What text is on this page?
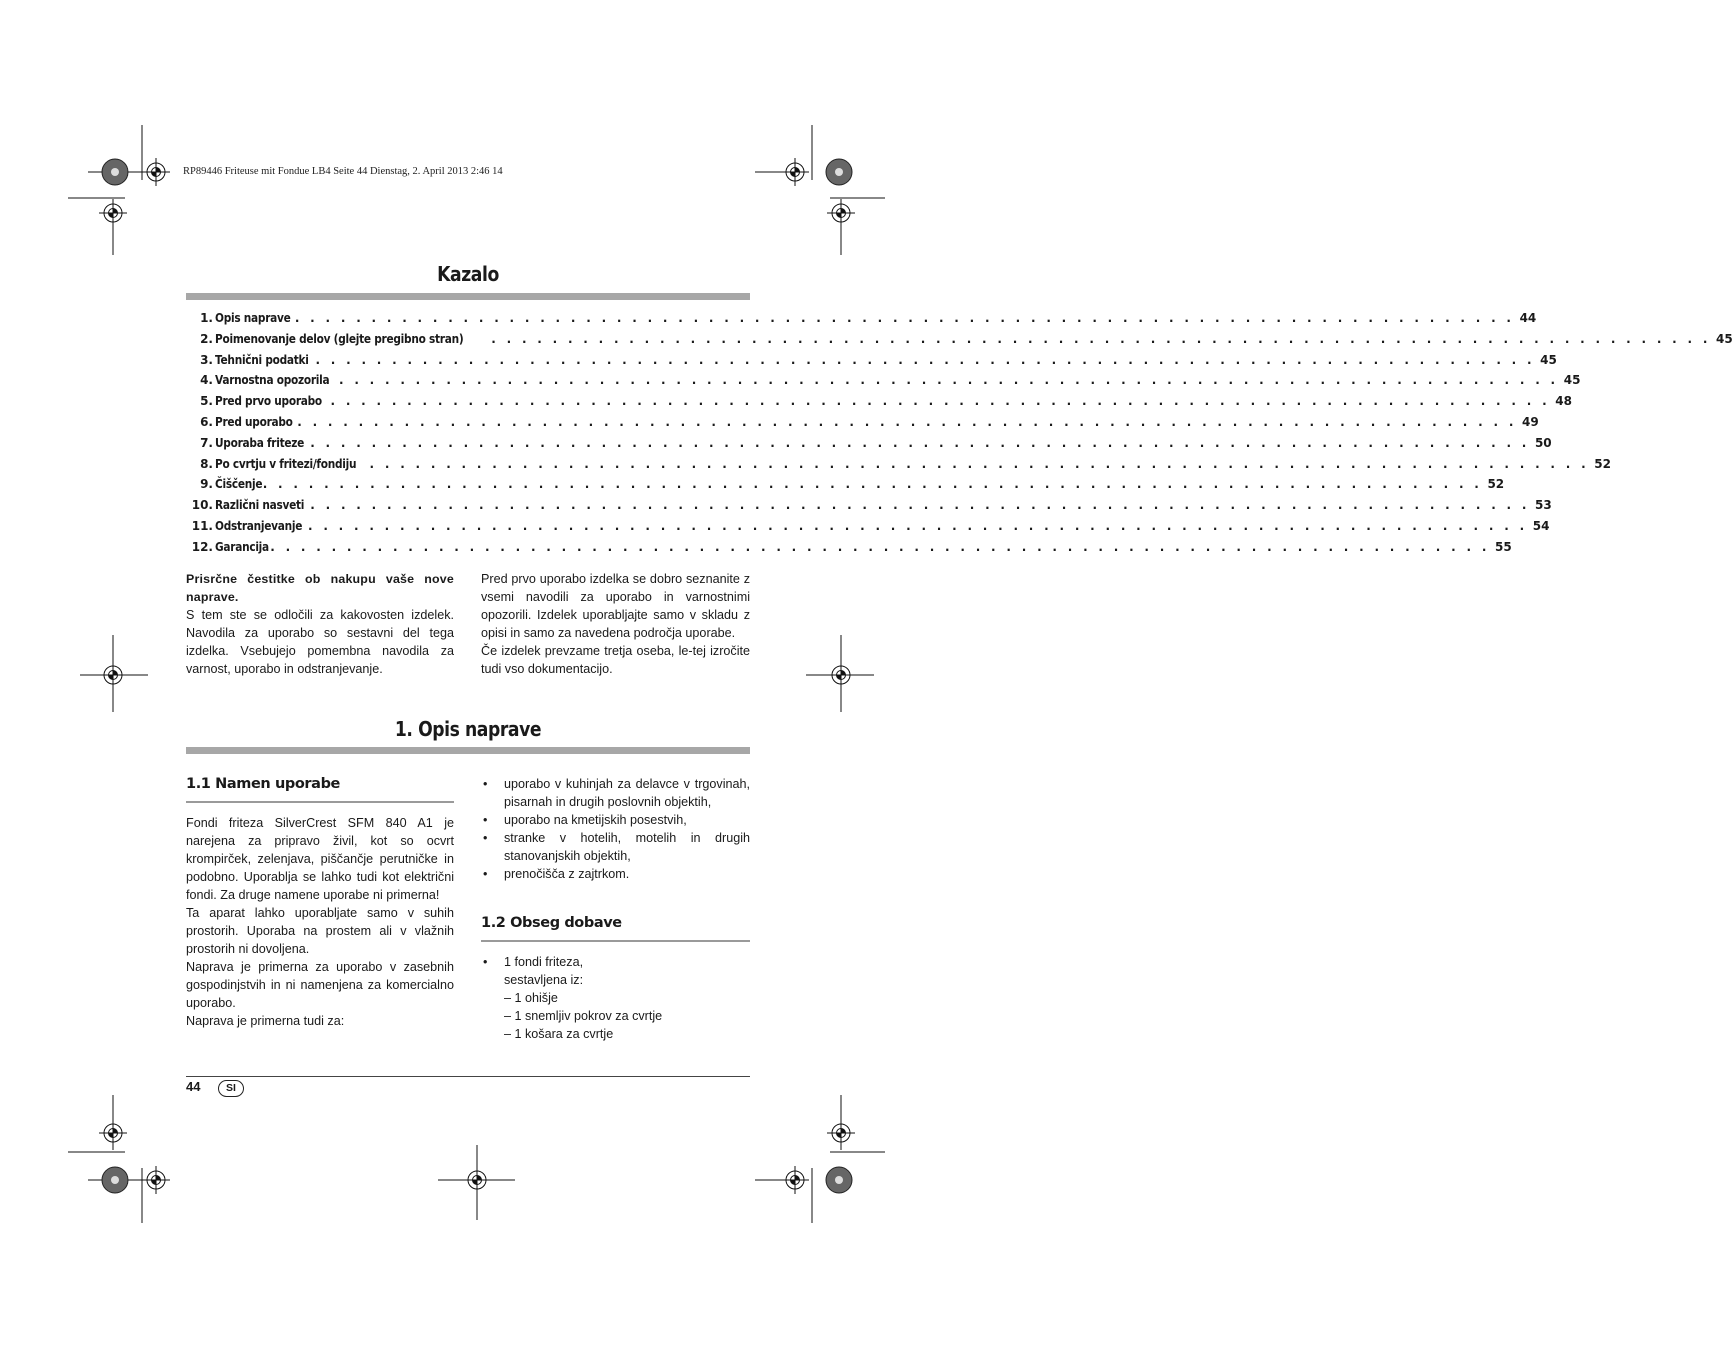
RP89446 Friteuse mit Fondue LB4 Seite 44 Dienstag, 2. April 2013 2:46 14
Kazalo
1. Opis naprave . . . . . . . . . . . . . . . . . . . . . . . . . . . . . . . . . . . . . . . . . . . . . . . . . . . . . . . . . . . . . . . . . . . . . . . . . . . . . . . . 44
2. Poimenovanje delov (glejte pregibno stran) . . . . . . . . . . . . . . . . . . . . . . . . . . . . . . . . . . . . . . . . . . . . . . . . . . . . . . . . . . . . . . . . . . . . . . . . . . . . . . . . 45
3. Tehnični podatki . . . . . . . . . . . . . . . . . . . . . . . . . . . . . . . . . . . . . . . . . . . . . . . . . . . . . . . . . . . . . . . . . . . . . . . . . . . . . . . . 45
4. Varnostna opozorila . . . . . . . . . . . . . . . . . . . . . . . . . . . . . . . . . . . . . . . . . . . . . . . . . . . . . . . . . . . . . . . . . . . . . . . . . . . . . . . . 45
5. Pred prvo uporabo . . . . . . . . . . . . . . . . . . . . . . . . . . . . . . . . . . . . . . . . . . . . . . . . . . . . . . . . . . . . . . . . . . . . . . . . . . . . . . . . 48
6. Pred uporabo . . . . . . . . . . . . . . . . . . . . . . . . . . . . . . . . . . . . . . . . . . . . . . . . . . . . . . . . . . . . . . . . . . . . . . . . . . . . . . . . 49
7. Uporaba friteze . . . . . . . . . . . . . . . . . . . . . . . . . . . . . . . . . . . . . . . . . . . . . . . . . . . . . . . . . . . . . . . . . . . . . . . . . . . . . . . . 50
8. Po cvrtju v fritezi/fondiju . . . . . . . . . . . . . . . . . . . . . . . . . . . . . . . . . . . . . . . . . . . . . . . . . . . . . . . . . . . . . . . . . . . . . . . . . . . . . . . . 52
9. Čiščenje . . . . . . . . . . . . . . . . . . . . . . . . . . . . . . . . . . . . . . . . . . . . . . . . . . . . . . . . . . . . . . . . . . . . . . . . . . . . . . . . 52
10. Različni nasveti . . . . . . . . . . . . . . . . . . . . . . . . . . . . . . . . . . . . . . . . . . . . . . . . . . . . . . . . . . . . . . . . . . . . . . . . . . . . . . . . 53
11. Odstranjevanje . . . . . . . . . . . . . . . . . . . . . . . . . . . . . . . . . . . . . . . . . . . . . . . . . . . . . . . . . . . . . . . . . . . . . . . . . . . . . . . . 54
12. Garancija . . . . . . . . . . . . . . . . . . . . . . . . . . . . . . . . . . . . . . . . . . . . . . . . . . . . . . . . . . . . . . . . . . . . . . . . . . . . . . . . 55

Prisrčne čestitke ob nakupu vaše nove naprave.

S tem ste se odločili za kakovosten izdelek. Navodila za uporabo so sestavni del tega izdelka. Vsebujejo pomembna navodila za varnost, uporabo in odstranjevanje.

Pred prvo uporabo izdelka se dobro seznanite z vsemi navodili za uporabo in varnostnimi opozorili. Izdelek uporabljajte samo v skladu z opisi in samo za navedena področja uporabe.

Če izdelek prevzame tretja oseba, le-tej izročite tudi vso dokumentacijo.

1. Opis naprave
1.1 Namen uporabe

Fondi friteza SilverCrest SFM 840 A1 je narejena za pripravo živil, kot so ocvrt krompirček, zelenjava, piščančje perutničke in podobno. Uporablja se lahko tudi kot električni fondi. Za druge namene uporabe ni primerna!

Ta aparat lahko uporabljate samo v suhih prostorih. Uporaba na prostem ali v vlažnih prostorih ni dovoljena.

Naprava je primerna za uporabo v zasebnih gospodinjstvih in ni namenjena za komercialno uporabo.

Naprava je primerna tudi za:

• uporabo v kuhinjah za delavce v trgovinah, pisarnah in drugih poslovnih objektih,
• uporabo na kmetijskih posestvih,
• stranke v hotelih, motelih in drugih stanovanjskih objektih,
• prenočišča z zajtrkom.
1.2 Obseg dobave
• 1 fondi friteza,
sestavljena iz:
– 1 ohišje
– 1 snemljiv pokrov za cvrtje
– 1 košara za cvrtje
44	SI
